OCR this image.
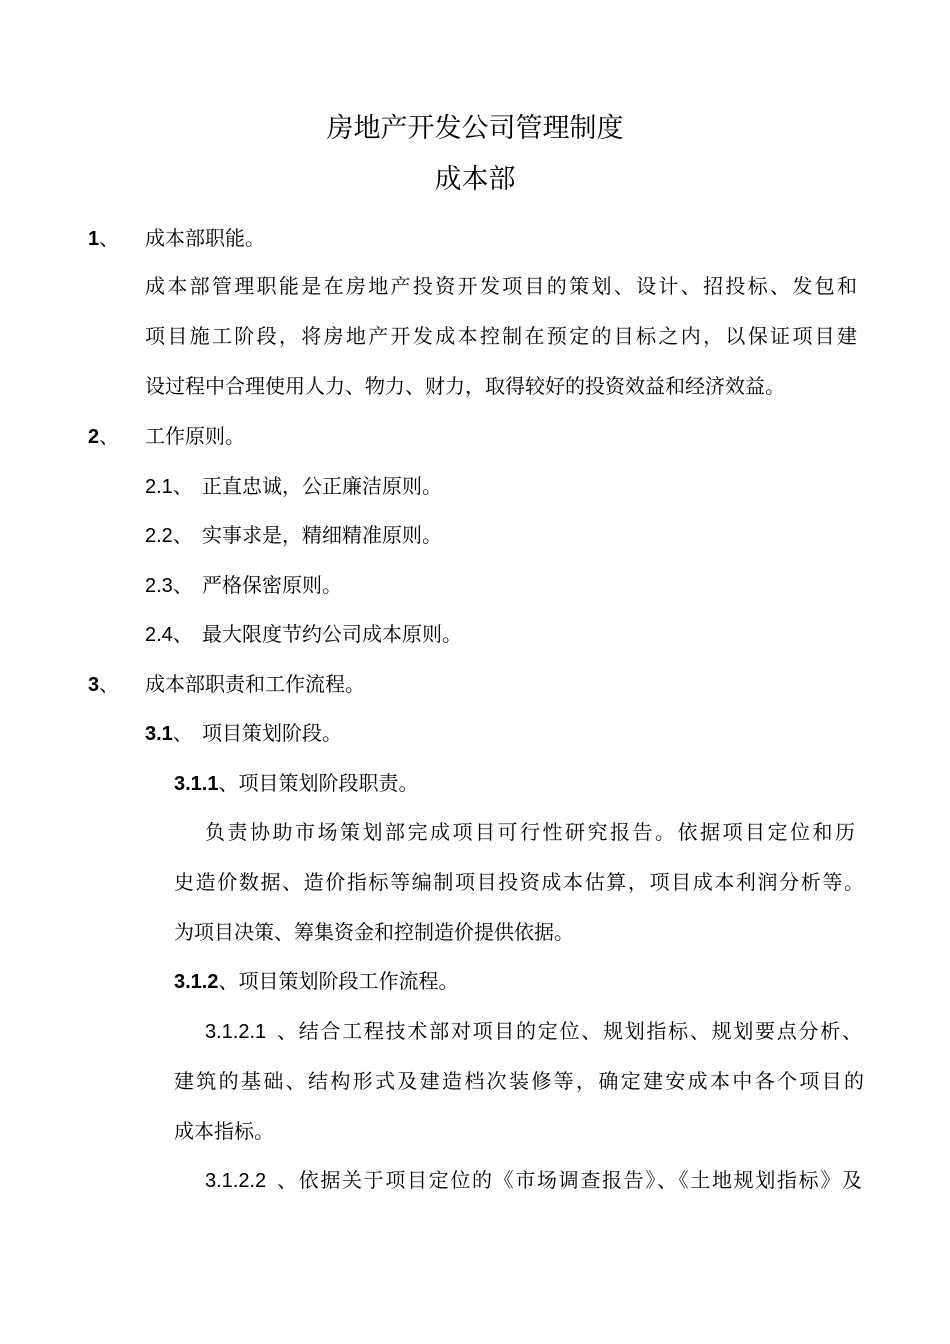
房地产开发公司管理制度
成本部
1、 成本部职能。
成本部管理职能是在房地产投资开发项目的策划、设计、招投标、发包和
项目施工阶段，将房地产开发成本控制在预定的目标之内，以保证项目建
设过程中合理使用人力、物力、财力，取得较好的投资效益和经济效益。
2、 工作原则。
2.1、 正直忠诚，公正廉洁原则。
2.2、 实事求是，精细精准原则。
2.3、 严格保密原则。
2.4、 最大限度节约公司成本原则。
3、 成本部职责和工作流程。
3.1、 项目策划阶段。
3.1.1、项目策划阶段职责。
负责协助市场策划部完成项目可行性研究报告。依据项目定位和历
史造价数据、造价指标等编制项目投资成本估算，项目成本利润分析等。
为项目决策、筹集资金和控制造价提供依据。
3.1.2、项目策划阶段工作流程。
3.1.2.1 、结合工程技术部对项目的定位、规划指标、规划要点分析、
建筑的基础、结构形式及建造档次装修等，确定建安成本中各个项目的
成本指标。
3.1.2.2 、依据关于项目定位的《市场调查报告》、《土地规划指标》及
